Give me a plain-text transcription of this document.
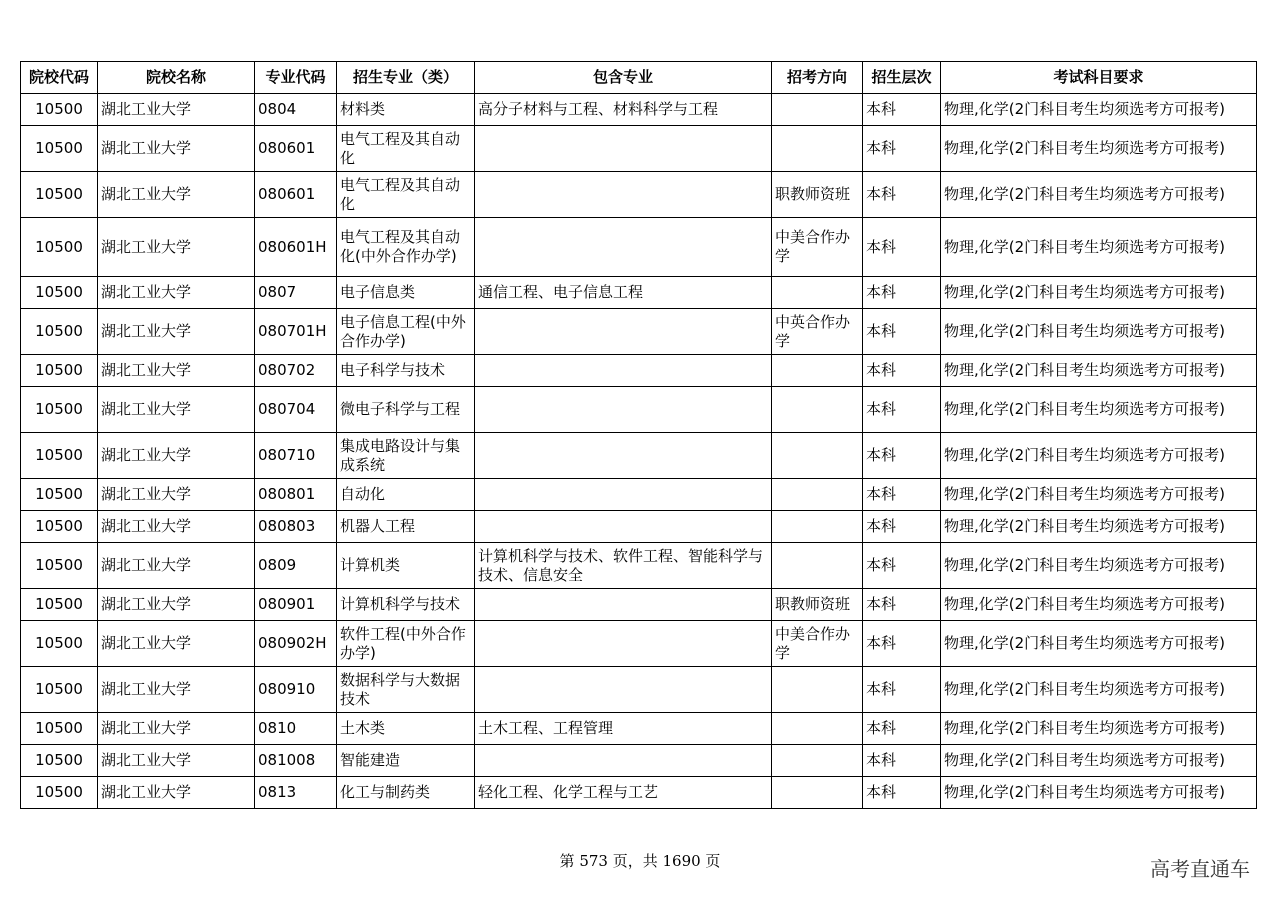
院校代码	院校名称	专业代码	招生专业（类）	包含专业	招考方向	招生层次	考试科目要求
10500	湖北工业大学	0804	材料类	高分子材料与工程、材料科学与工程		本科	物理,化学(2门科目考生均须选考方可报考)
10500	湖北工业大学	080601	电气工程及其自动化			本科	物理,化学(2门科目考生均须选考方可报考)
10500	湖北工业大学	080601	电气工程及其自动化		职教师资班	本科	物理,化学(2门科目考生均须选考方可报考)
10500	湖北工业大学	080601H	电气工程及其自动化(中外合作办学)		中美合作办学	本科	物理,化学(2门科目考生均须选考方可报考)
10500	湖北工业大学	0807	电子信息类	通信工程、电子信息工程		本科	物理,化学(2门科目考生均须选考方可报考)
10500	湖北工业大学	080701H	电子信息工程(中外合作办学)		中英合作办学	本科	物理,化学(2门科目考生均须选考方可报考)
10500	湖北工业大学	080702	电子科学与技术			本科	物理,化学(2门科目考生均须选考方可报考)
10500	湖北工业大学	080704	微电子科学与工程			本科	物理,化学(2门科目考生均须选考方可报考)
10500	湖北工业大学	080710	集成电路设计与集成系统			本科	物理,化学(2门科目考生均须选考方可报考)
10500	湖北工业大学	080801	自动化			本科	物理,化学(2门科目考生均须选考方可报考)
10500	湖北工业大学	080803	机器人工程			本科	物理,化学(2门科目考生均须选考方可报考)
10500	湖北工业大学	0809	计算机类	计算机科学与技术、软件工程、智能科学与技术、信息安全		本科	物理,化学(2门科目考生均须选考方可报考)
10500	湖北工业大学	080901	计算机科学与技术		职教师资班	本科	物理,化学(2门科目考生均须选考方可报考)
10500	湖北工业大学	080902H	软件工程(中外合作办学)		中美合作办学	本科	物理,化学(2门科目考生均须选考方可报考)
10500	湖北工业大学	080910	数据科学与大数据技术			本科	物理,化学(2门科目考生均须选考方可报考)
10500	湖北工业大学	0810	土木类	土木工程、工程管理		本科	物理,化学(2门科目考生均须选考方可报考)
10500	湖北工业大学	081008	智能建造			本科	物理,化学(2门科目考生均须选考方可报考)
10500	湖北工业大学	0813	化工与制药类	轻化工程、化学工程与工艺		本科	物理,化学(2门科目考生均须选考方可报考)
第 573 页，共 1690 页	高考直通车
